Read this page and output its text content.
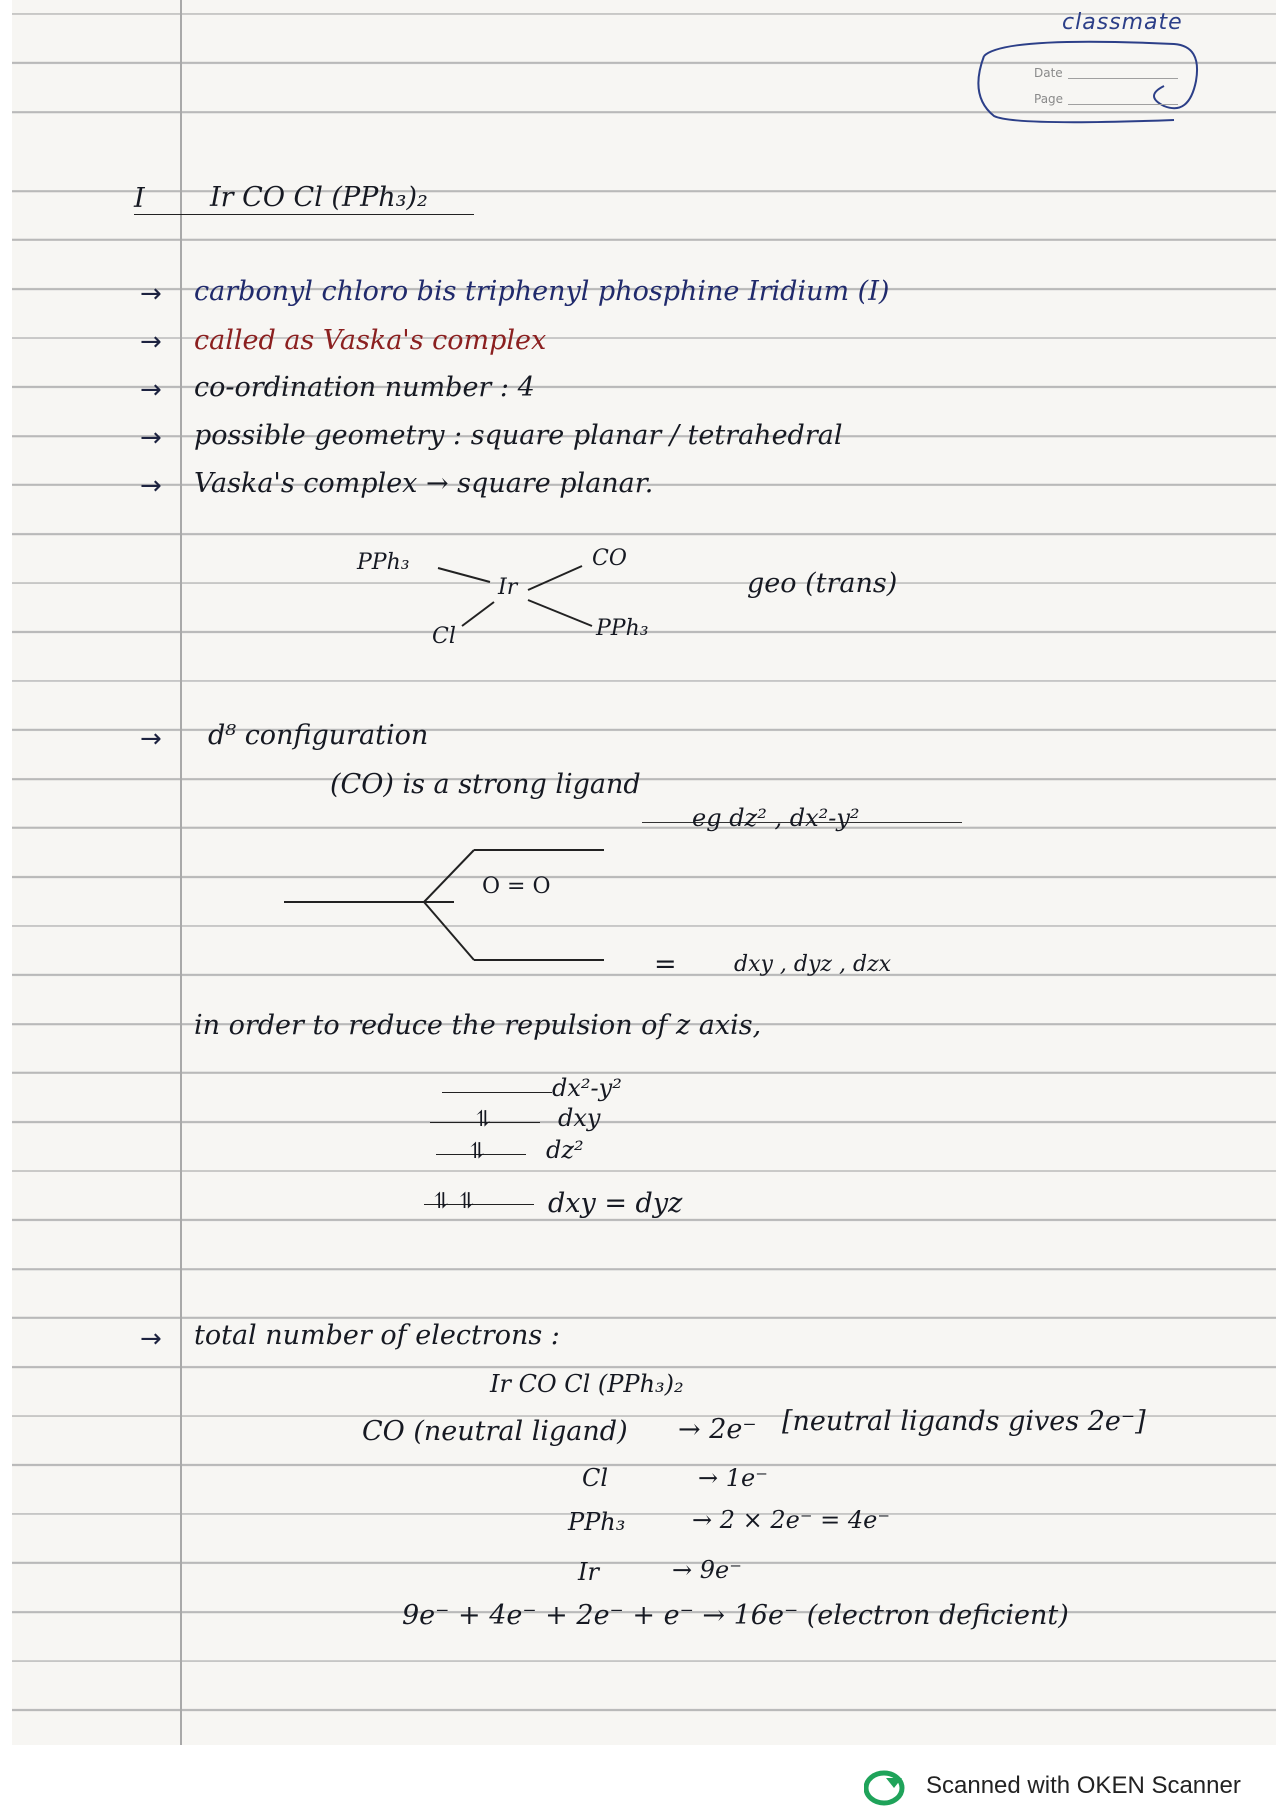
classmate
Date
Page
I Ir CO Cl (PPh₃)₂
→ carbonyl chloro bis triphenyl phosphine Iridium (I)
→ called as Vaska's complex
→ co-ordination number : 4
→ possible geometry : square planar / tetrahedral
→ Vaska's complex → square planar.
PPh₃
Ir
CO
Cl	PPh₃
geo (trans)
→ d⁸ configuration
(CO) is a strong ligand
eg dz² , dx²-y²
O = O
=	dxy , dyz , dzx
in order to reduce the repulsion of z axis,
dx²-y²
⥮	dxy
⥮ dz²
⥮ ⥮	dxy = dyz
→ total number of electrons :
Ir CO Cl (PPh₃)₂
CO (neutral ligand) → 2e⁻ [neutral ligands gives 2e⁻]
Cl	→ 1e⁻
PPh₃	→ 2 × 2e⁻ = 4e⁻
Ir	→ 9e⁻
9e⁻ + 4e⁻ + 2e⁻ + e⁻ → 16e⁻ (electron deficient)
Scanned with OKEN Scanner
